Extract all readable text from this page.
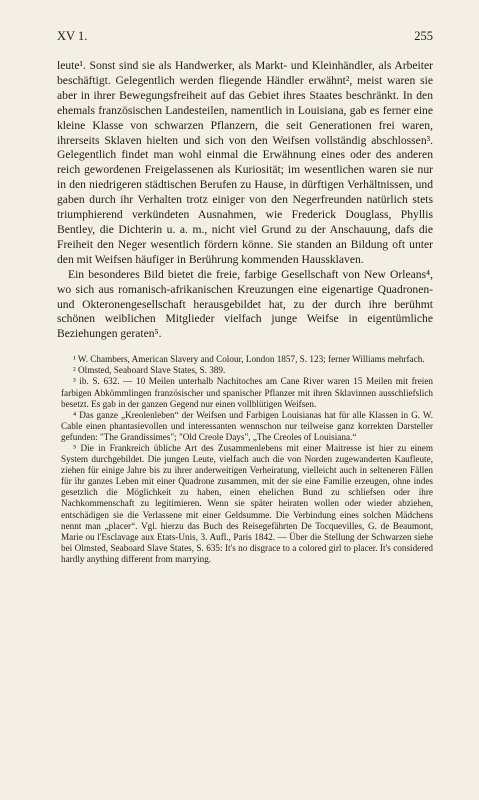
XV 1.	255

leute¹. Sonst sind sie als Handwerker, als Markt- und Kleinhändler, als Arbeiter beschäftigt. Gelegentlich werden fliegende Händler erwähnt², meist waren sie aber in ihrer Bewegungsfreiheit auf das Gebiet ihres Staates beschränkt. In den ehemals französischen Landesteilen, namentlich in Louisiana, gab es ferner eine kleine Klasse von schwarzen Pflanzern, die seit Generationen frei waren, ihrerseits Sklaven hielten und sich von den Weifsen vollständig abschlossen³. Gelegentlich findet man wohl einmal die Erwähnung eines oder des anderen reich gewordenen Freigelassenen als Kuriosität; im wesentlichen waren sie nur in den niedrigeren städtischen Berufen zu Hause, in dürftigen Verhältnissen, und gaben durch ihr Verhalten trotz einiger von den Negerfreunden natürlich stets triumphierend verkündeten Ausnahmen, wie Frederick Douglass, Phyllis Bentley, die Dichterin u. a. m., nicht viel Grund zu der Anschauung, dafs die Freiheit den Neger wesentlich fördern könne. Sie standen an Bildung oft unter den mit Weifsen häufiger in Berührung kommenden Haussklaven.

Ein besonderes Bild bietet die freie, farbige Gesellschaft von New Orleans⁴, wo sich aus romanisch-afrikanischen Kreuzungen eine eigenartige Quadronen- und Okteronengesellschaft herausgebildet hat, zu der durch ihre berühmt schönen weiblichen Mitglieder vielfach junge Weifse in eigentümliche Beziehungen geraten⁵.

¹ W. Chambers, American Slavery and Colour, London 1857, S. 123; ferner Williams mehrfach.

² Olmsted, Seaboard Slave States, S. 389.

³ ib. S. 632. — 10 Meilen unterhalb Nachitoches am Cane River waren 15 Meilen mit freien farbigen Abkömmlingen französischer und spanischer Pflanzer mit ihren Sklavinnen ausschliefslich besetzt. Es gab in der ganzen Gegend nur einen vollblütigen Weifsen.

⁴ Das ganze „Kreolenleben“ der Weifsen und Farbigen Louisianas hat für alle Klassen in G. W. Cable einen phantasievollen und interessanten wennschon nur teilweise ganz korrekten Darsteller gefunden: "The Grandissimes"; "Old Creole Days", „The Creoles of Louisiana.“

⁵ Die in Frankreich übliche Art des Zusammenlebens mit einer Maitresse ist hier zu einem System durchgebildet. Die jungen Leute, vielfach auch die von Norden zugewanderten Kaufleute, ziehen für einige Jahre bis zu ihrer anderweitigen Verheiratung, vielleicht auch in selteneren Fällen für ihr ganzes Leben mit einer Quadrone zusammen, mit der sie eine Familie erzeugen, ohne indes gesetzlich die Möglichkeit zu haben, einen ehelichen Bund zu schliefsen oder ihre Nachkommenschaft zu legitimieren. Wenn sie später heiraten wollen oder wieder abziehen, entschädigen sie die Verlassene mit einer Geldsumme. Die Verbindung eines solchen Mädchens nennt man „placer“. Vgl. hierzu das Buch des Reisegefährten De Tocquevilles, G. de Beaumont, Marie ou l'Esclavage aux Etats-Unis, 3. Aufl., Paris 1842. — Über die Stellung der Schwarzen siehe bei Olmsted, Seaboard Slave States, S. 635: It's no disgrace to a colored girl to placer. It's considered hardly anything different from marrying.
